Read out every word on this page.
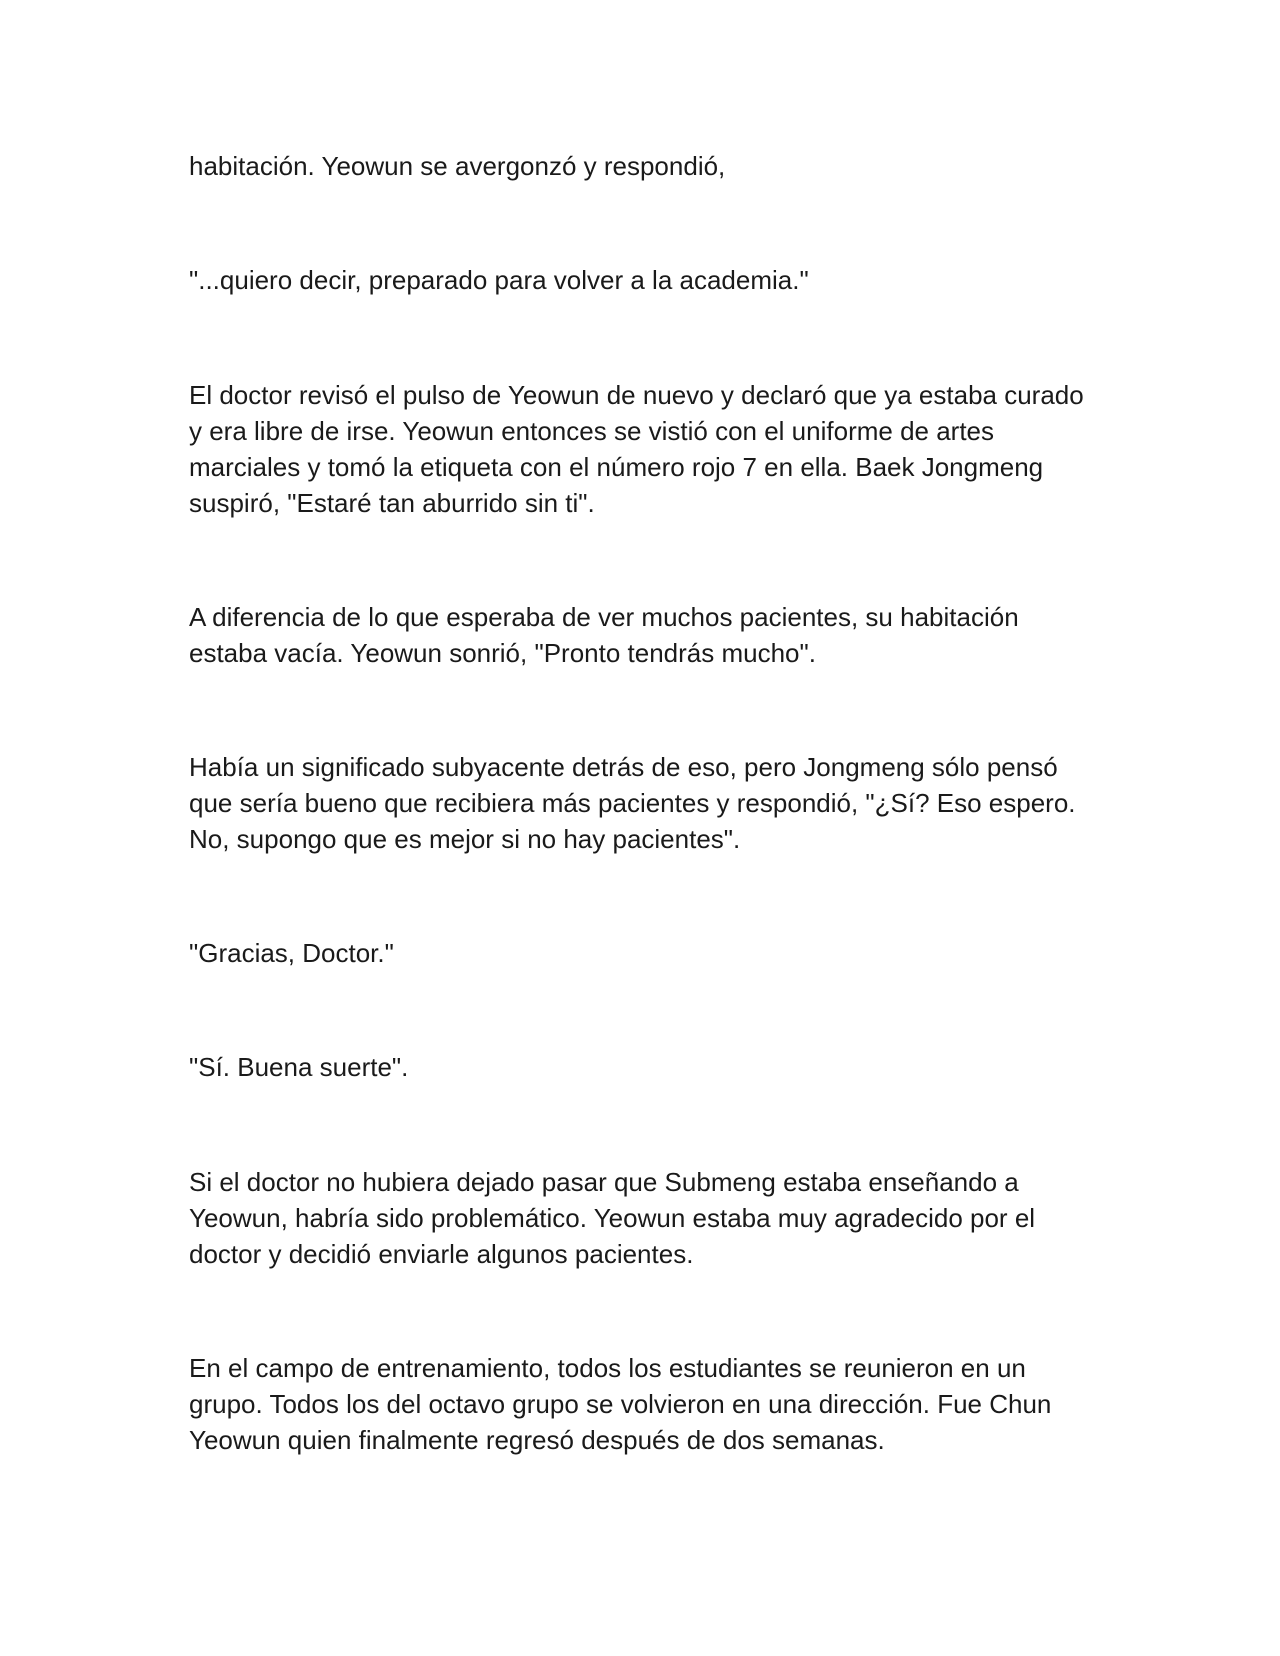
habitación. Yeowun se avergonzó y respondió,

"...quiero decir, preparado para volver a la academia."

El doctor revisó el pulso de Yeowun de nuevo y declaró que ya estaba curado y era libre de irse. Yeowun entonces se vistió con el uniforme de artes marciales y tomó la etiqueta con el número rojo 7 en ella. Baek Jongmeng suspiró, "Estaré tan aburrido sin ti".

A diferencia de lo que esperaba de ver muchos pacientes, su habitación estaba vacía. Yeowun sonrió, "Pronto tendrás mucho".

Había un significado subyacente detrás de eso, pero Jongmeng sólo pensó que sería bueno que recibiera más pacientes y respondió, "¿Sí? Eso espero. No, supongo que es mejor si no hay pacientes".

"Gracias, Doctor."

"Sí. Buena suerte".

Si el doctor no hubiera dejado pasar que Submeng estaba enseñando a Yeowun, habría sido problemático. Yeowun estaba muy agradecido por el doctor y decidió enviarle algunos pacientes.

En el campo de entrenamiento, todos los estudiantes se reunieron en un grupo. Todos los del octavo grupo se volvieron en una dirección. Fue Chun Yeowun quien finalmente regresó después de dos semanas.
